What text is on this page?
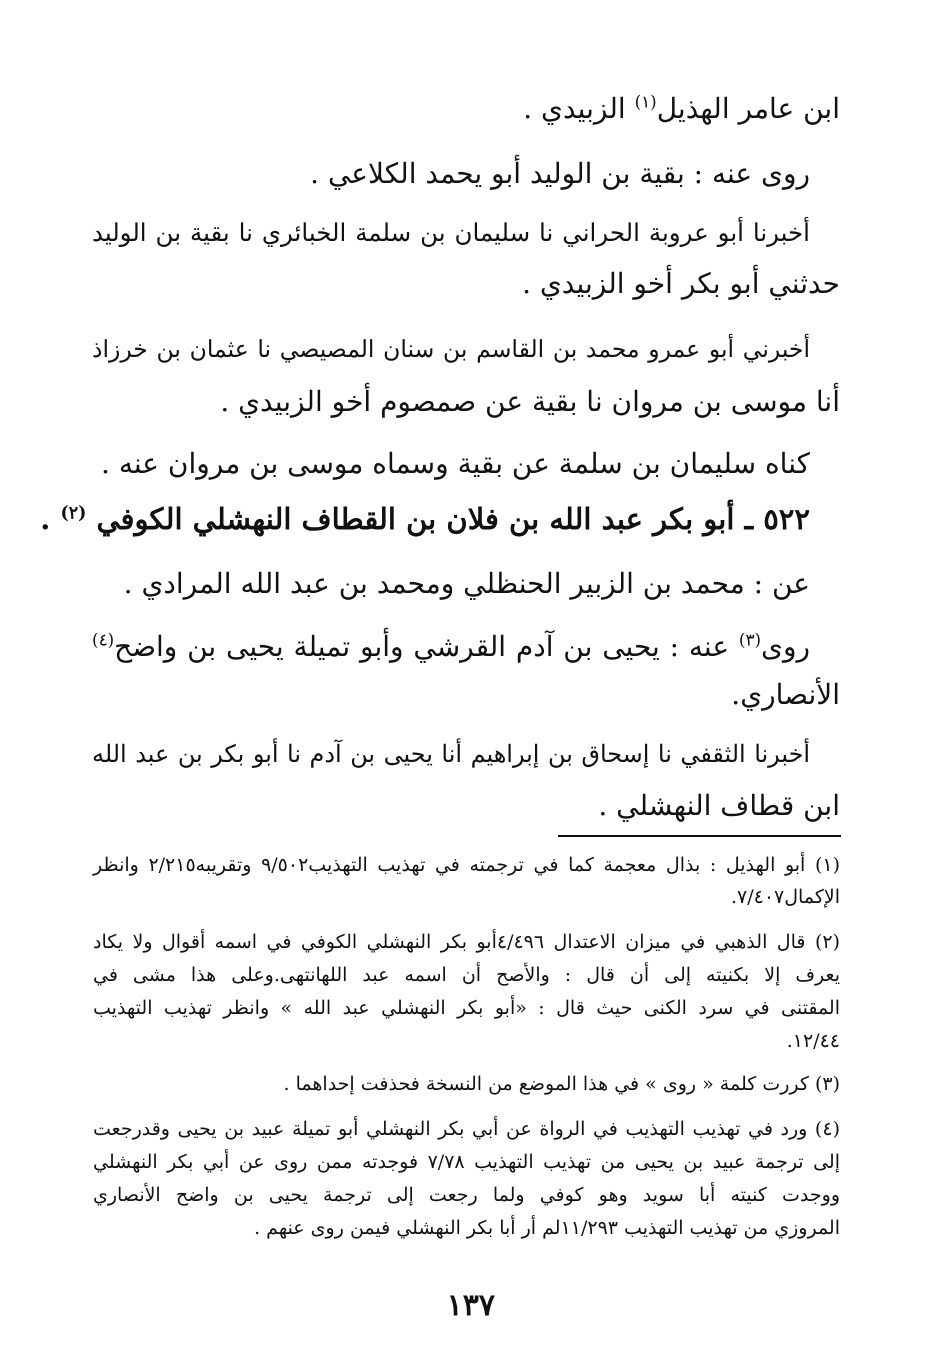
ابن عامر الهذيل$^{(١)}$ الزبيدي .
روى عنه : بقية بن الوليد أبو يحمد الكلاعي .
أخبرنا أبو عروبة الحراني نا سليمان بن سلمة الخبائري نا بقية بن الوليد
حدثني أبو بكر أخو الزبيدي .
أخبرني أبو عمرو محمد بن القاسم بن سنان المصيصي نا عثمان بن خرزاذ
أنا موسى بن مروان نا بقية عن صمصوم أخو الزبيدي .
كناه سليمان بن سلمة عن بقية وسماه موسى بن مروان عنه .
٥٢٢ ـ أبو بكر عبد الله بن فلان بن القطاف النهشلي الكوفي $^{(٢)}$ .
عن : محمد بن الزبير الحنظلي ومحمد بن عبد الله المرادي .
روى$^{(٣)}$ عنه : يحيى بن آدم القرشي وأبو تميلة يحيى بن واضح$^{(٤)}$
الأنصاري.
أخبرنا الثقفي نا إسحاق بن إبراهيم أنا يحيى بن آدم نا أبو بكر بن عبد الله
ابن قطاف النهشلي .
(١) أبو الهذيل : بذال معجمة كما في ترجمته في تهذيب التهذيب٩/٥٠٢ وتقريبه٢/٢١٥ وانظر
الإكمال٧/٤٠٧.
(٢) قال الذهبي في ميزان الاعتدال ٤/٤٩٦أبو بكر النهشلي الكوفي في اسمه أقوال ولا يكاد
يعرف إلا بكنيته إلى أن قال : والأصح أن اسمه عبد اللهانتهى.وعلى هذا مشى في
المقتنى في سرد الكنى حيث قال : «أبو بكر النهشلي عبد الله » وانظر تهذيب التهذيب
١٢/٤٤.
(٣) كررت كلمة « روى » في هذا الموضع من النسخة فحذفت إحداهما .
(٤) ورد في تهذيب التهذيب في الرواة عن أبي بكر النهشلي أبو تميلة عبيد بن يحيى وقدرجعت
إلى ترجمة عبيد بن يحيى من تهذيب التهذيب ٧/٧٨ فوجدته ممن روى عن أبي بكر النهشلي
ووجدت كنيته أبا سويد وهو كوفي ولما رجعت إلى ترجمة يحيى بن واضح الأنصاري
المروزي من تهذيب التهذيب ١١/٢٩٣لم أر أبا بكر النهشلي فيمن روى عنهم .
١٣٧
